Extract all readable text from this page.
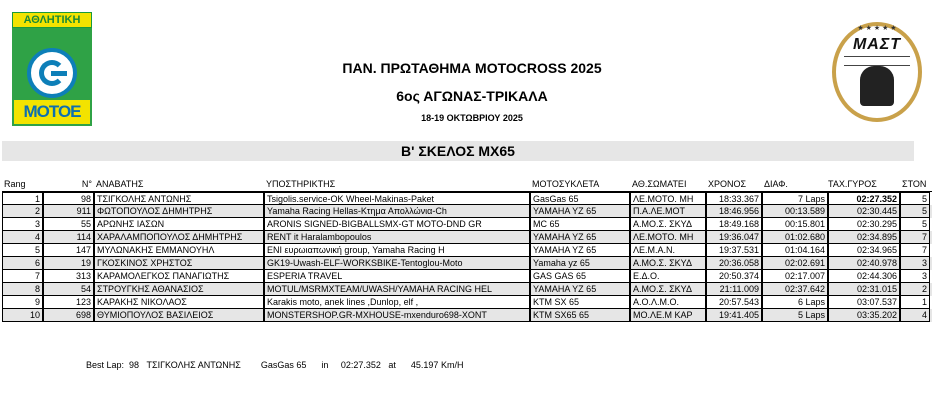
ΑΘΛΗΤΙΚΗ
ΜΟΤΟΕ
★ ★ ★ ★ ★
ΜΑΣΤ
ΠΑΝ. ΠΡΩΤΑΘΗΜΑ MOTOCROSS 2025
6ος ΑΓΩΝΑΣ-ΤΡΙΚΑΛΑ
18-19 ΟΚΤΩΒΡΙΟΥ 2025
Β' ΣΚΕΛΟΣ MX65
Rang	N° ΑΝΑΒΑΤΗΣ	ΥΠΟΣΤΗΡΙΚΤΗΣ	ΜΟΤΟΣΥΚΛΕΤΑ	ΑΘ.ΣΩΜΑΤΕΙ	ΧΡΟΝΟΣ	ΔΙΑΦ.	ΤΑΧ.ΓΥΡΟΣ	ΣΤΟΝ
1	98 ΤΣΙΓΚΟΛΗΣ ΑΝΤΩΝΗΣ	Tsigolis.service-OK Wheel-Makinas-Paket	GasGas 65	ΛΕ.ΜΟΤΟ. ΜΗ	18:33.367	7 Laps	02:27.352	5
2	911 ΦΩΤΟΠΟΥΛΟΣ ΔΗΜΗΤΡΗΣ	Yamaha Racing Hellas-Κτημα Απολλώνια-Ch	YAMAHA YZ 65	Π.Α.ΛΕ.ΜΟΤ	18:46.956	00:13.589	02:30.445	5
3	55 ΑΡΩΝΗΣ ΙΑΣΩΝ	ARONIS SIGNED-BIGBALLSMX-GT MOTO-DND GR	MC 65	Α.ΜΟ.Σ. ΣΚΥΔ	18:49.168	00:15.801	02:30.295	5
4	114 ΧΑΡΑΛΑΜΠΟΠΟΥΛΟΣ ΔΗΜΗΤΡΗΣ	RENT it Haralambopoulos	YAMAHA YZ 65	ΛΕ.ΜΟΤΟ. ΜΗ	19:36.047	01:02.680	02:34.895	7
5	147 ΜΥΛΩΝΑΚΗΣ ΕΜΜΑΝΟΥΗΛ	ENI ευρωιαπωνική group, Yamaha Racing H	YAMAHA YZ 65	ΛΕ.Μ.Α.Ν.	19:37.531	01:04.164	02:34.965	7
6	19 ΓΚΟΣΚΙΝΟΣ ΧΡΗΣΤΟΣ	GK19-Uwash-ELF-WORKSBIKE-Tentoglou-Moto	Yamaha yz 65	Α.ΜΟ.Σ. ΣΚΥΔ	20:36.058	02:02.691	02:40.978	3
7	313 ΚΑΡΑΜΟΛΕΓΚΟΣ ΠΑΝΑΓΙΩΤΗΣ	ESPERIA TRAVEL	GAS GAS 65	Ε.Δ.Ο.	20:50.374	02:17.007	02:44.306	3
8	54 ΣΤΡΟΥΓΚΗΣ ΑΘΑΝΑΣΙΟΣ	MOTUL/MSRMXTEAM/UWASH/YAMAHA RACING HEL	YAMAHA YZ 65	Α.ΜΟ.Σ. ΣΚΥΔ	21:11.009	02:37.642	02:31.015	2
9	123 ΚΑΡΑΚΗΣ ΝΙΚΟΛΑΟΣ	Karakis moto, anek lines ,Dunlop, elf ,	KTM SX 65	Α.Ο.Λ.Μ.Ο.	20:57.543	6 Laps	03:07.537	1
10	698 ΘΥΜΙΟΠΟΥΛΟΣ ΒΑΣΙΛΕΙΟΣ	MONSTERSHOP.GR-MXHOUSE-mxenduro698-XONT	KTM SX65 65	ΜΟ.ΛΕ.Μ ΚΑΡ	19:41.405	5 Laps	03:35.202	4
Best Lap:  98   ΤΣΙΓΚΟΛΗΣ ΑΝΤΩΝΗΣ        GasGas 65      in     02:27.352   at      45.197 Km/H
